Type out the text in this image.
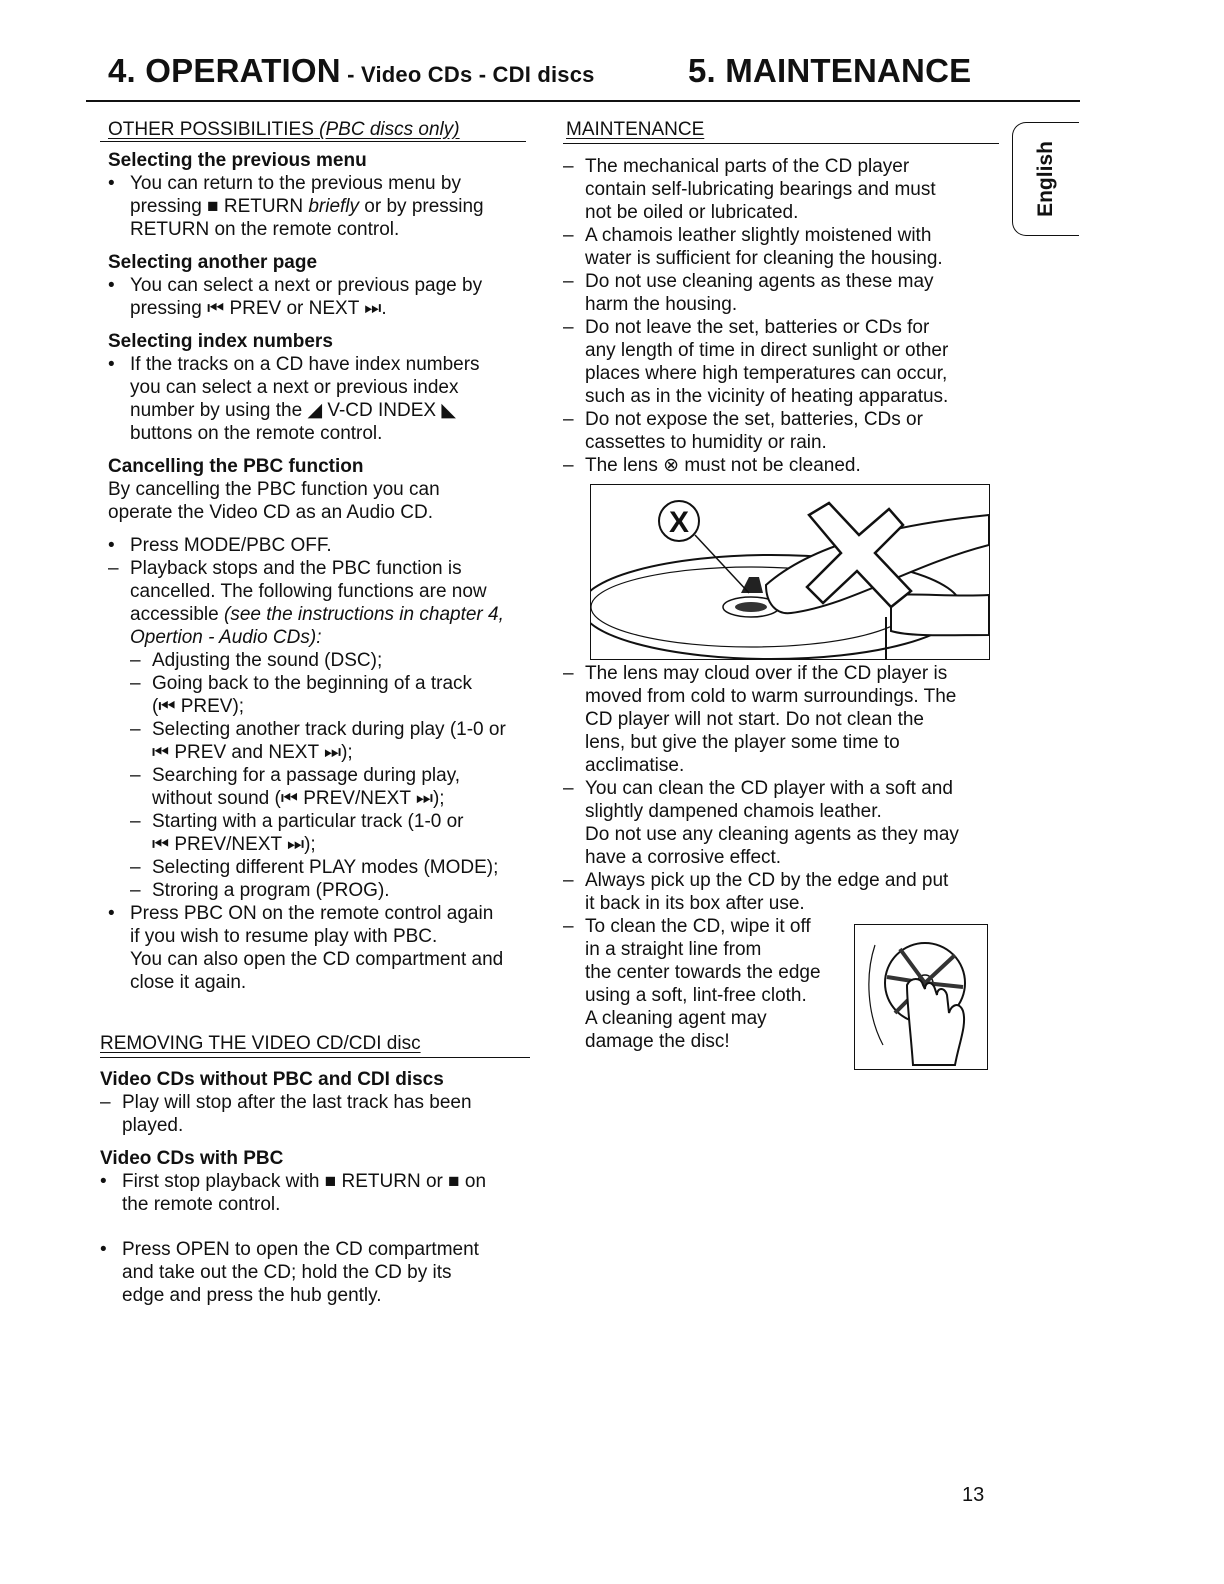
4. OPERATION - Video CDs - CDI discs	5. MAINTENANCE
English
OTHER POSSIBILITIES (PBC discs only)
Selecting the previous menu
• You can return to the previous menu by
pressing ■ RETURN briefly or by pressing
RETURN on the remote control.
Selecting another page
• You can select a next or previous page by
pressing ⏮ PREV or NEXT ⏭.
Selecting index numbers
• If the tracks on a CD have index numbers
you can select a next or previous index
number by using the ◢ V-CD INDEX ◣
buttons on the remote control.
Cancelling the PBC function
By cancelling the PBC function you can
operate the Video CD as an Audio CD.
• Press MODE/PBC OFF.
– Playback stops and the PBC function is
cancelled. The following functions are now
accessible (see the instructions in chapter 4,
Opertion - Audio CDs):
– Adjusting the sound (DSC);
– Going back to the beginning of a track
(⏮ PREV);
– Selecting another track during play (1-0 or
⏮ PREV and NEXT ⏭);
– Searching for a passage during play,
without sound (⏮ PREV/NEXT ⏭);
– Starting with a particular track (1-0 or
⏮ PREV/NEXT ⏭);
– Selecting different PLAY modes (MODE);
– Stroring a program (PROG).
• Press PBC ON on the remote control again
if you wish to resume play with PBC.
You can also open the CD compartment and
close it again.
REMOVING THE VIDEO CD/CDI disc
Video CDs without PBC and CDI discs
– Play will stop after the last track has been
played.
Video CDs with PBC
• First stop playback with ■ RETURN or ■ on
the remote control.
• Press OPEN to open the CD compartment
and take out the CD; hold the CD by its
edge and press the hub gently.
MAINTENANCE
– The mechanical parts of the CD player
contain self-lubricating bearings and must
not be oiled or lubricated.
– A chamois leather slightly moistened with
water is sufficient for cleaning the housing.
– Do not use cleaning agents as these may
harm the housing.
– Do not leave the set, batteries or CDs for
any length of time in direct sunlight or other
places where high temperatures can occur,
such as in the vicinity of heating apparatus.
– Do not expose the set, batteries, CDs or
cassettes to humidity or rain.
– The lens ⊗ must not be cleaned.
X
– The lens may cloud over if the CD player is
moved from cold to warm surroundings. The
CD player will not start. Do not clean the
lens, but give the player some time to
acclimatise.
– You can clean the CD player with a soft and
slightly dampened chamois leather.
Do not use any cleaning agents as they may
have a corrosive effect.
– Always pick up the CD by the edge and put
it back in its box after use.
– To clean the CD, wipe it off
in a straight line from
the center towards the edge
using a soft, lint-free cloth.
A cleaning agent may
damage the disc!
13
